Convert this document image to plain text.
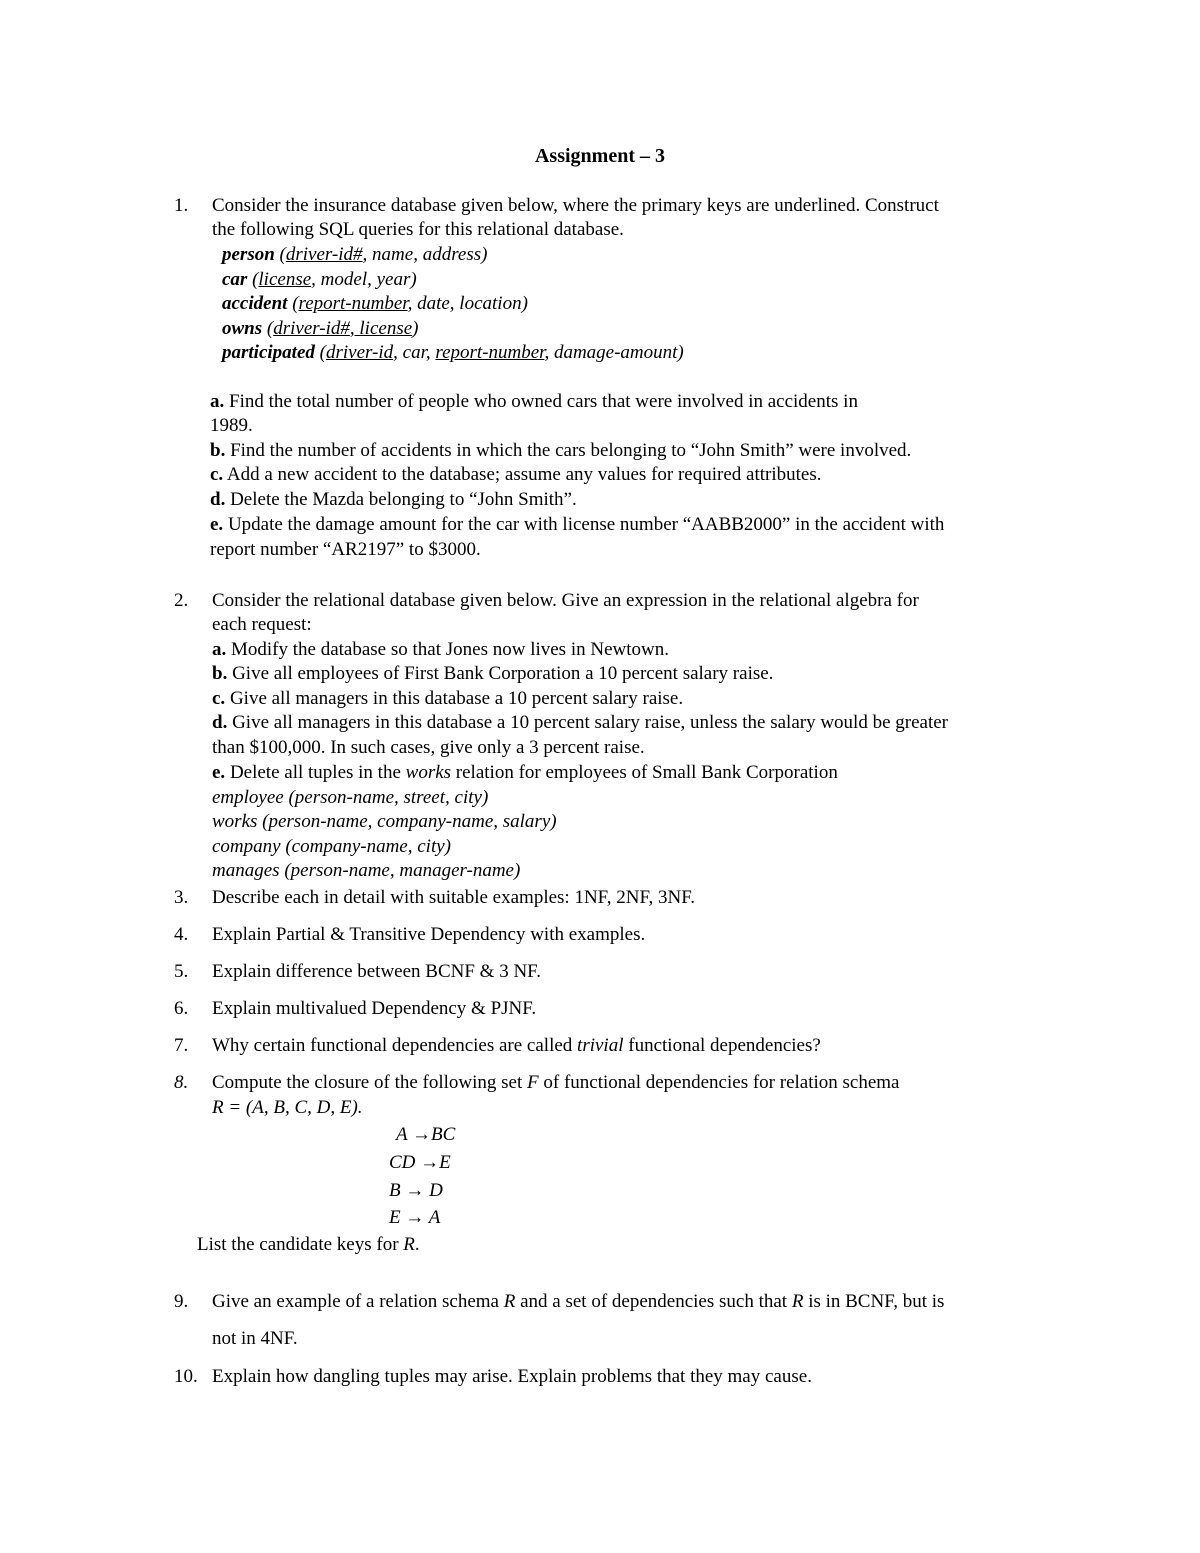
Assignment – 3
1. Consider the insurance database given below, where the primary keys are underlined. Construct
the following SQL queries for this relational database.
person (driver-id#, name, address)
car (license, model, year)
accident (report-number, date, location)
owns (driver-id#, license)
participated (driver-id, car, report-number, damage-amount)
a. Find the total number of people who owned cars that were involved in accidents in
1989.
b. Find the number of accidents in which the cars belonging to “John Smith” were involved.
c. Add a new accident to the database; assume any values for required attributes.
d. Delete the Mazda belonging to “John Smith”.
e. Update the damage amount for the car with license number “AABB2000” in the accident with
report number “AR2197” to $3000.
2. Consider the relational database given below. Give an expression in the relational algebra for
each request:
a. Modify the database so that Jones now lives in Newtown.
b. Give all employees of First Bank Corporation a 10 percent salary raise.
c. Give all managers in this database a 10 percent salary raise.
d. Give all managers in this database a 10 percent salary raise, unless the salary would be greater
than $100,000. In such cases, give only a 3 percent raise.
e. Delete all tuples in the works relation for employees of Small Bank Corporation
employee (person-name, street, city)
works (person-name, company-name, salary)
company (company-name, city)
manages (person-name, manager-name)
3. Describe each in detail with suitable examples: 1NF, 2NF, 3NF.
4. Explain Partial & Transitive Dependency with examples.
5. Explain difference between BCNF & 3 NF.
6. Explain multivalued Dependency & PJNF.
7. Why certain functional dependencies are called trivial functional dependencies?
8. Compute the closure of the following set F of functional dependencies for relation schema
R = (A, B, C, D, E).
A →BC
CD →E
B → D
E → A
List the candidate keys for R.
9. Give an example of a relation schema R and a set of dependencies such that R is in BCNF, but is
not in 4NF.
10. Explain how dangling tuples may arise. Explain problems that they may cause.
